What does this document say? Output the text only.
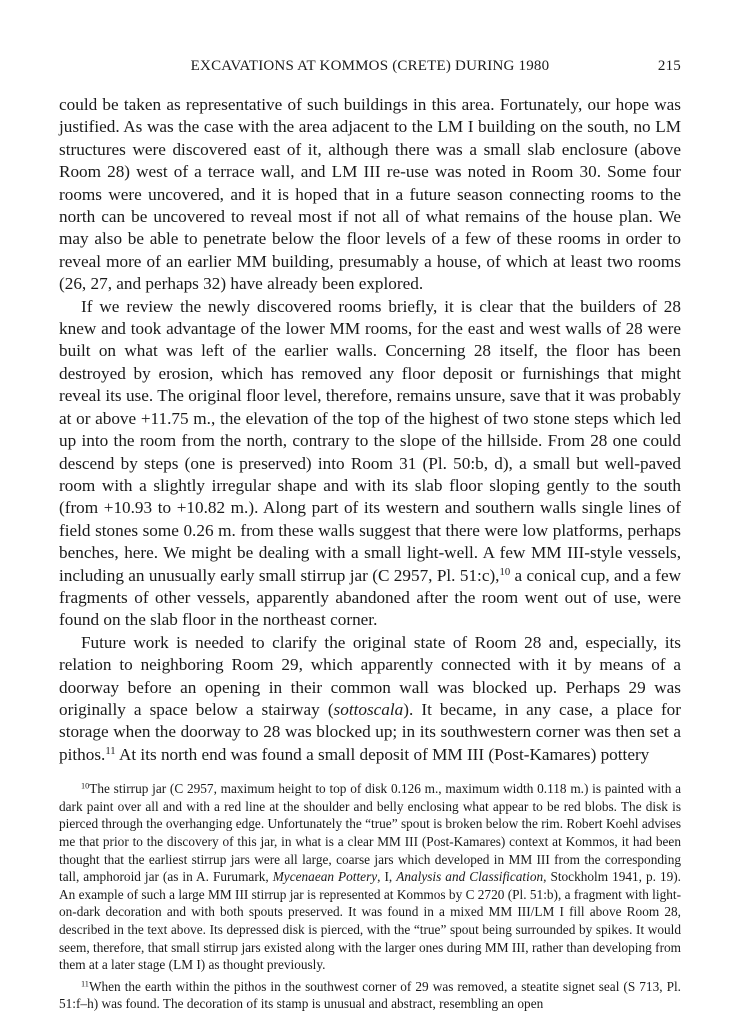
EXCAVATIONS AT KOMMOS (CRETE) DURING 1980	215

could be taken as representative of such buildings in this area. Fortunately, our hope was justified. As was the case with the area adjacent to the LM I building on the south, no LM structures were discovered east of it, although there was a small slab enclosure (above Room 28) west of a terrace wall, and LM III re-use was noted in Room 30. Some four rooms were uncovered, and it is hoped that in a future season connecting rooms to the north can be uncovered to reveal most if not all of what remains of the house plan. We may also be able to penetrate below the floor levels of a few of these rooms in order to reveal more of an earlier MM building, presumably a house, of which at least two rooms (26, 27, and perhaps 32) have already been explored.

If we review the newly discovered rooms briefly, it is clear that the builders of 28 knew and took advantage of the lower MM rooms, for the east and west walls of 28 were built on what was left of the earlier walls. Concerning 28 itself, the floor has been destroyed by erosion, which has removed any floor deposit or furnishings that might reveal its use. The original floor level, therefore, remains unsure, save that it was probably at or above +11.75 m., the elevation of the top of the highest of two stone steps which led up into the room from the north, contrary to the slope of the hillside. From 28 one could descend by steps (one is preserved) into Room 31 (Pl. 50:b, d), a small but well-paved room with a slightly irregular shape and with its slab floor sloping gently to the south (from +10.93 to +10.82 m.). Along part of its western and southern walls single lines of field stones some 0.26 m. from these walls suggest that there were low platforms, perhaps benches, here. We might be dealing with a small light-well. A few MM III-style vessels, including an unusually early small stirrup jar (C 2957, Pl. 51:c),$^{10}$ a conical cup, and a few fragments of other vessels, apparently abandoned after the room went out of use, were found on the slab floor in the northeast corner.

Future work is needed to clarify the original state of Room 28 and, especially, its relation to neighboring Room 29, which apparently connected with it by means of a doorway before an opening in their common wall was blocked up. Perhaps 29 was originally a space below a stairway (sottoscala). It became, in any case, a place for storage when the doorway to 28 was blocked up; in its southwestern corner was then set a pithos.$^{11}$ At its north end was found a small deposit of MM III (Post-Kamares) pottery

$^{10}$The stirrup jar (C 2957, maximum height to top of disk 0.126 m., maximum width 0.118 m.) is painted with a dark paint over all and with a red line at the shoulder and belly enclosing what appear to be red blobs. The disk is pierced through the overhanging edge. Unfortunately the “true” spout is broken below the rim. Robert Koehl advises me that prior to the discovery of this jar, in what is a clear MM III (Post-Kamares) context at Kommos, it had been thought that the earliest stirrup jars were all large, coarse jars which developed in MM III from the corresponding tall, amphoroid jar (as in A. Furumark, Mycenaean Pottery, I, Analysis and Classification, Stockholm 1941, p. 19). An example of such a large MM III stirrup jar is represented at Kommos by C 2720 (Pl. 51:b), a fragment with light-on-dark decoration and with both spouts preserved. It was found in a mixed MM III/LM I fill above Room 28, described in the text above. Its depressed disk is pierced, with the “true” spout being surrounded by spikes. It would seem, therefore, that small stirrup jars existed along with the larger ones during MM III, rather than developing from them at a later stage (LM I) as thought previously.

$^{11}$When the earth within the pithos in the southwest corner of 29 was removed, a steatite signet seal (S 713, Pl. 51:f–h) was found. The decoration of its stamp is unusual and abstract, resembling an open
